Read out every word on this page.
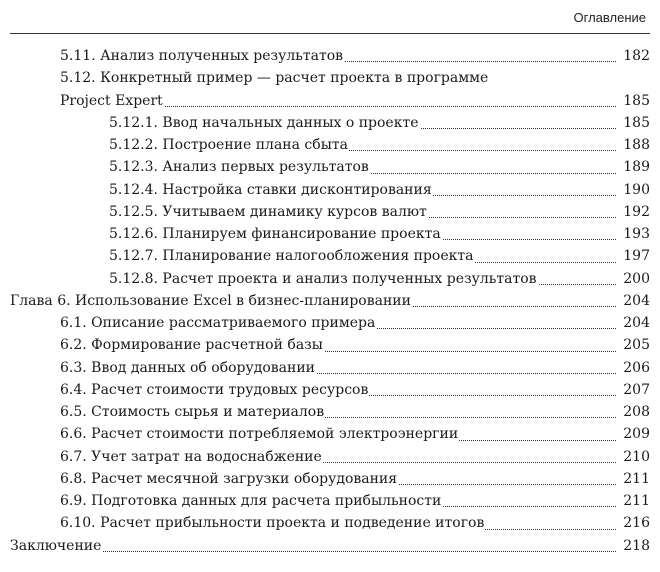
Оглавление
5.11. Анализ полученных результатов	182
5.12. Конкретный пример — расчет проекта в программе
Project Expert	185
5.12.1. Ввод начальных данных о проекте	185
5.12.2. Построение плана сбыта	188
5.12.3. Анализ первых результатов	189
5.12.4. Настройка ставки дисконтирования	190
5.12.5. Учитываем динамику курсов валют	192
5.12.6. Планируем финансирование проекта	193
5.12.7. Планирование налогообложения проекта	197
5.12.8. Расчет проекта и анализ полученных результатов	200
Глава 6. Использование Excel в бизнес-планировании	204
6.1. Описание рассматриваемого примера	204
6.2. Формирование расчетной базы	205
6.3. Ввод данных об оборудовании	206
6.4. Расчет стоимости трудовых ресурсов	207
6.5. Стоимость сырья и материалов	208
6.6. Расчет стоимости потребляемой электроэнергии	209
6.7. Учет затрат на водоснабжение	210
6.8. Расчет месячной загрузки оборудования	211
6.9. Подготовка данных для расчета прибыльности	211
6.10. Расчет прибыльности проекта и подведение итогов	216
Заключение	218
